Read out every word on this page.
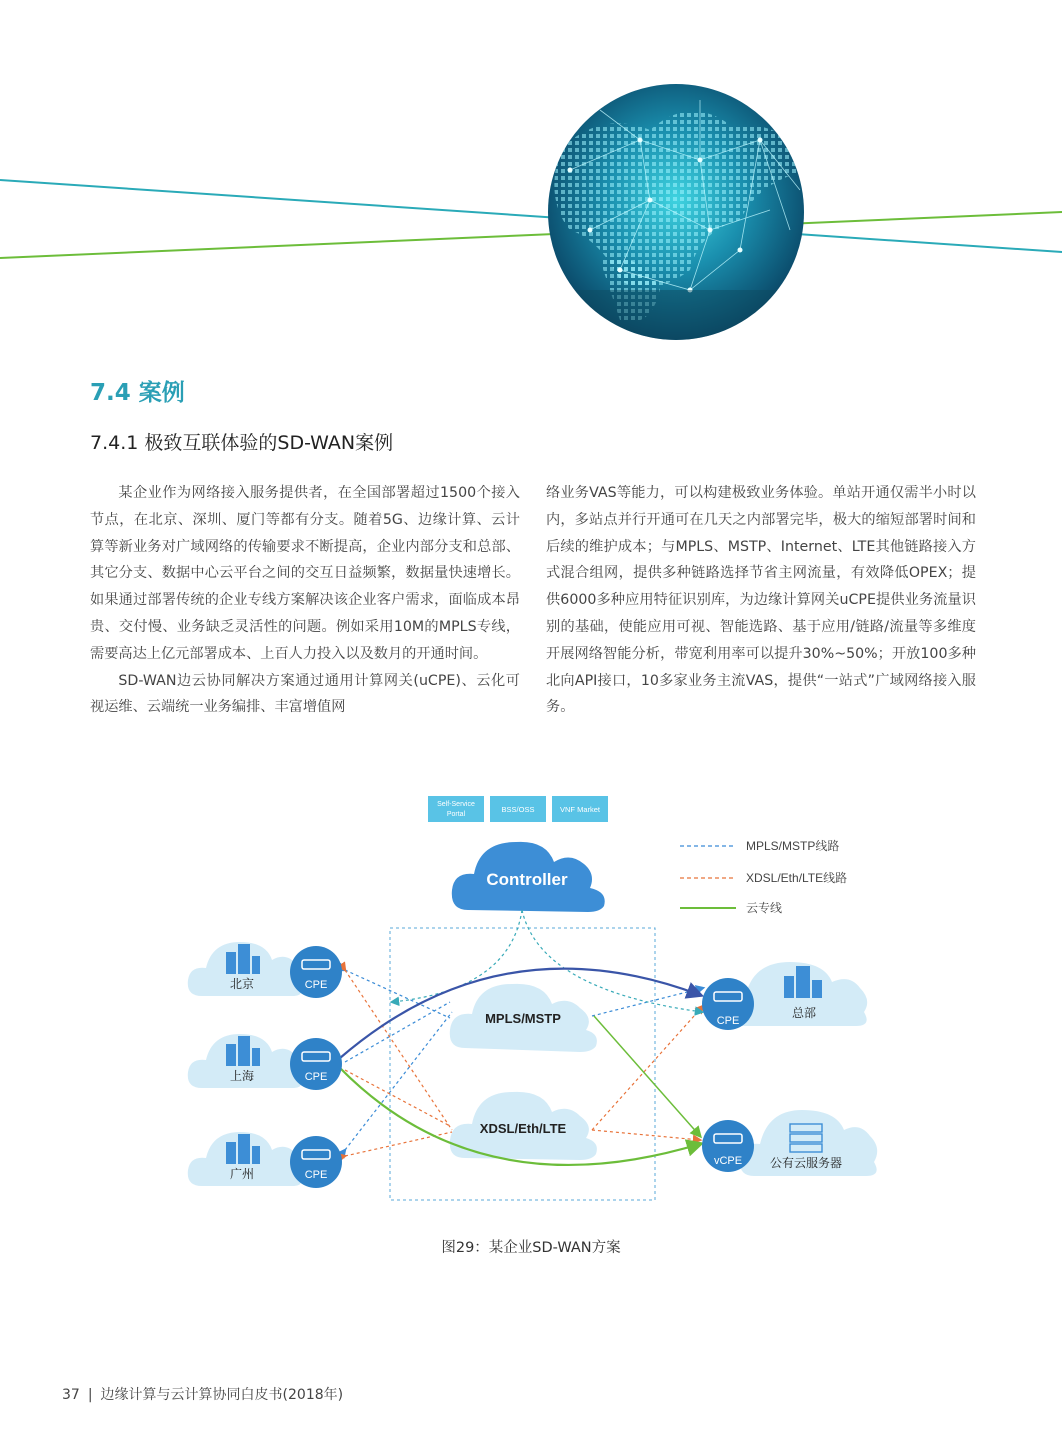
7.4 案例
7.4.1 极致互联体验的SD-WAN案例

某企业作为网络接入服务提供者，在全国部署超过1500个接入节点，在北京、深圳、厦门等都有分支。随着5G、边缘计算、云计算等新业务对广域网络的传输要求不断提高，企业内部分支和总部、其它分支、数据中心云平台之间的交互日益频繁，数据量快速增长。如果通过部署传统的企业专线方案解决该企业客户需求，面临成本昂贵、交付慢、业务缺乏灵活性的问题。例如采用10M的MPLS专线，需要高达上亿元部署成本、上百人力投入以及数月的开通时间。

SD-WAN边云协同解决方案通过通用计算网关(uCPE)、云化可视运维、云端统一业务编排、丰富增值网

络业务VAS等能力，可以构建极致业务体验。单站开通仅需半小时以内，多站点并行开通可在几天之内部署完毕，极大的缩短部署时间和后续的维护成本；与MPLS、MSTP、Internet、LTE其他链路接入方式混合组网，提供多种链路选择节省主网流量，有效降低OPEX；提供6000多种应用特征识别库，为边缘计算网关uCPE提供业务流量识别的基础，使能应用可视、智能选路、基于应用/链路/流量等多维度开展网络智能分析，带宽利用率可以提升30%~50%；开放100多种北向API接口，10多家业务主流VAS，提供“一站式”广域网络接入服务。

Self-Service
Portal
BSS/OSS	VNF Market
Controller
MPLS/MSTP线路
XDSL/Eth/LTE线路
云专线
MPLS/MSTP
XDSL/Eth/LTE
北京	CPE
上海	CPE
广州	CPE
总部
CPE
公有云服务器
vCPE
图29：某企业SD-WAN方案
37 | 边缘计算与云计算协同白皮书(2018年)
